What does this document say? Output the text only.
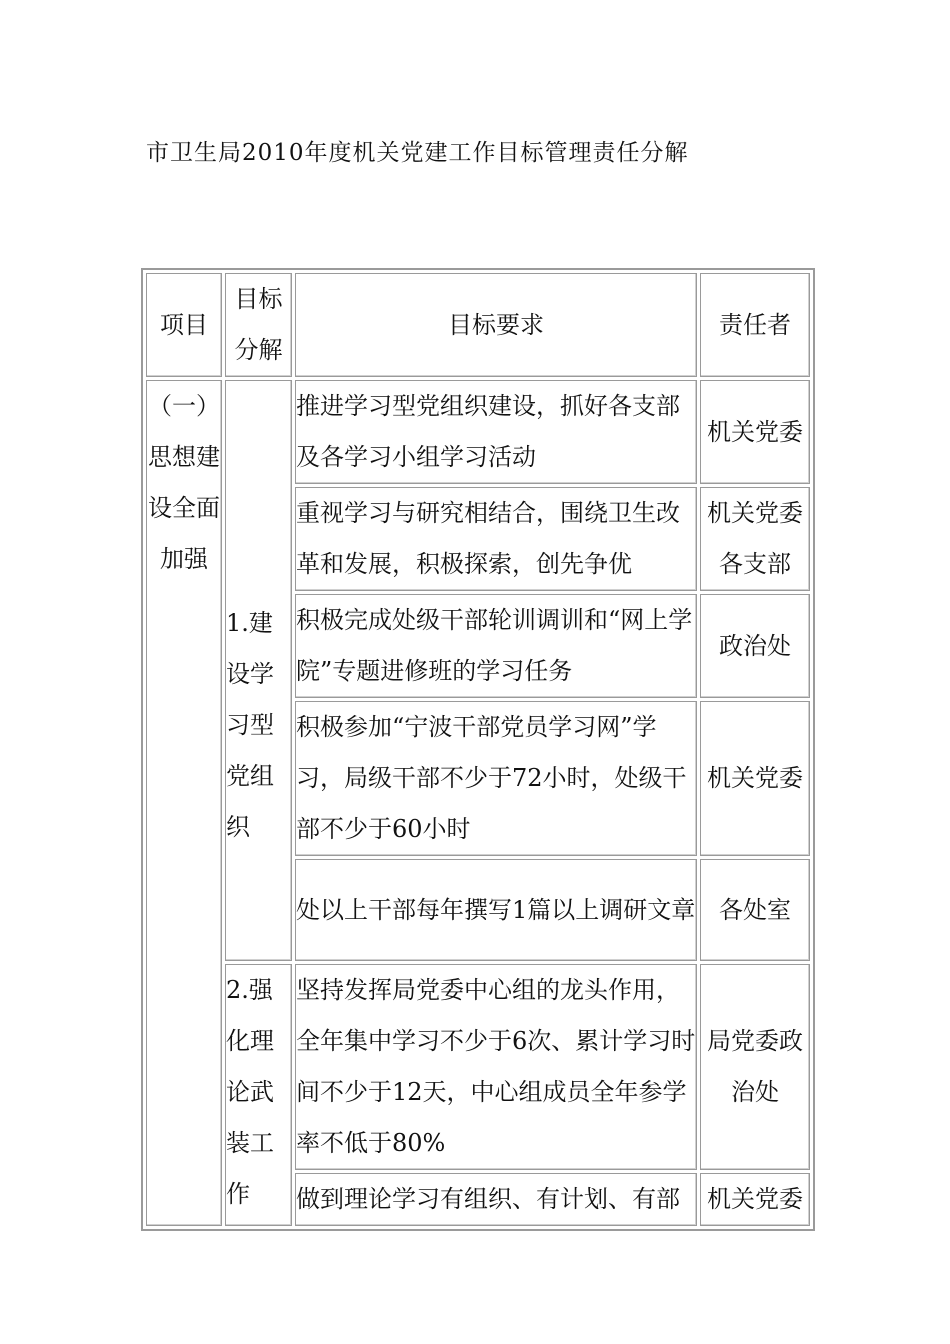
市卫生局2010年度机关党建工作目标管理责任分解
项目	目标分解	目标要求	责任者
（一）思想建设全面加强	1.建设学习型党组织	推进学习型党组织建设，抓好各支部及各学习小组学习活动	机关党委
		重视学习与研究相结合，围绕卫生改革和发展，积极探索，创先争优	机关党委各支部
		积极完成处级干部轮训调训和“网上学院”专题进修班的学习任务	政治处
		积极参加“宁波干部党员学习网”学习，局级干部不少于72小时，处级干部不少于60小时	机关党委
		处以上干部每年撰写1篇以上调研文章	各处室
	2.强化理论武装工作	坚持发挥局党委中心组的龙头作用，全年集中学习不少于6次、累计学习时间不少于12天，中心组成员全年参学率不低于80%	局党委政治处
		做到理论学习有组织、有计划、有部	机关党委
